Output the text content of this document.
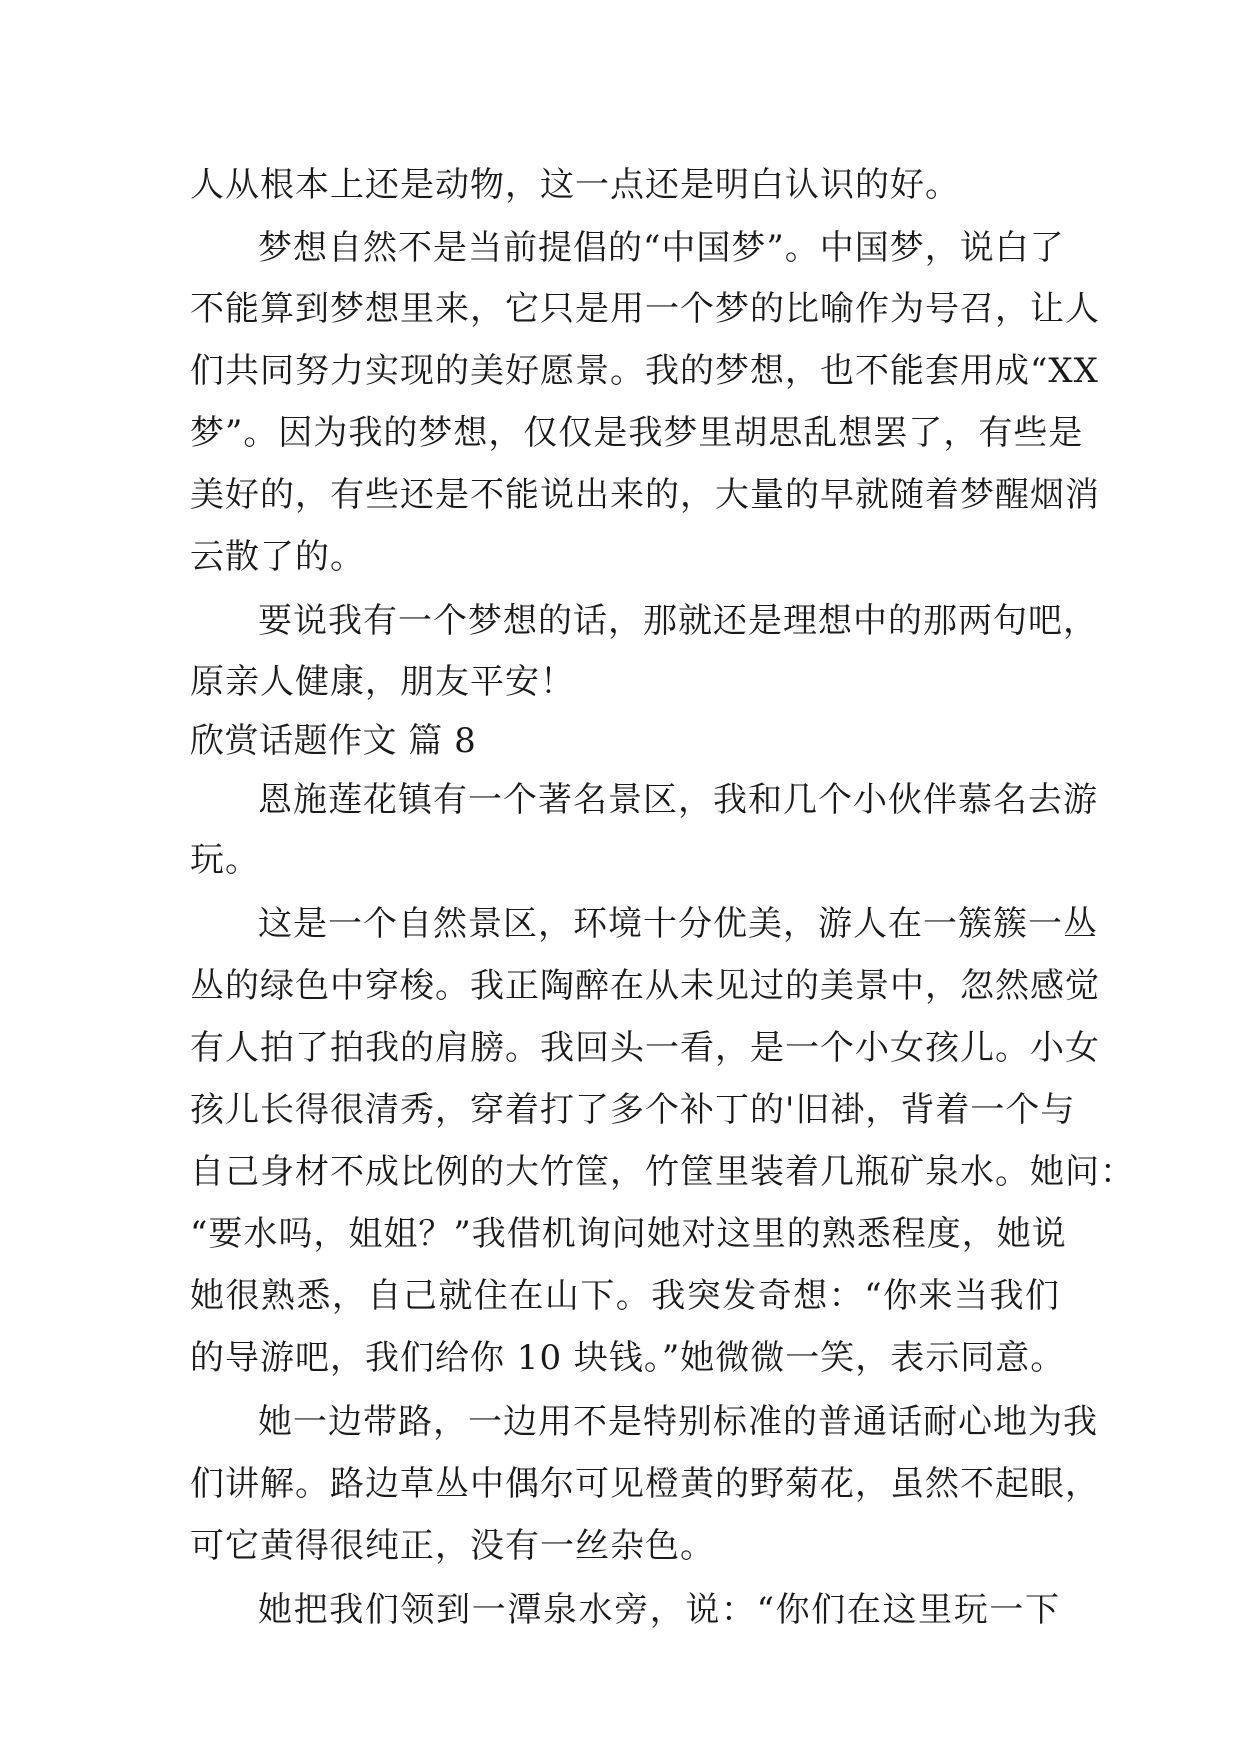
人从根本上还是动物，这一点还是明白认识的好。
梦想自然不是当前提倡的“中国梦”。中国梦，说白了
不能算到梦想里来，它只是用一个梦的比喻作为号召，让人
们共同努力实现的美好愿景。我的梦想，也不能套用成“XX
梦”。因为我的梦想，仅仅是我梦里胡思乱想罢了，有些是
美好的，有些还是不能说出来的，大量的早就随着梦醒烟消
云散了的。
要说我有一个梦想的话，那就还是理想中的那两句吧，
原亲人健康，朋友平安！
欣赏话题作文 篇 8
恩施莲花镇有一个著名景区，我和几个小伙伴慕名去游
玩。
这是一个自然景区，环境十分优美，游人在一簇簇一丛
丛的绿色中穿梭。我正陶醉在从未见过的美景中，忽然感觉
有人拍了拍我的肩膀。我回头一看，是一个小女孩儿。小女
孩儿长得很清秀，穿着打了多个补丁的'旧褂，背着一个与
自己身材不成比例的大竹筐，竹筐里装着几瓶矿泉水。她问：
“要水吗，姐姐？”我借机询问她对这里的熟悉程度，她说
她很熟悉，自己就住在山下。我突发奇想：“你来当我们
的导游吧，我们给你 10 块钱。”她微微一笑，表示同意。
她一边带路，一边用不是特别标准的普通话耐心地为我
们讲解。路边草丛中偶尔可见橙黄的野菊花，虽然不起眼，
可它黄得很纯正，没有一丝杂色。
她把我们领到一潭泉水旁，说：“你们在这里玩一下
